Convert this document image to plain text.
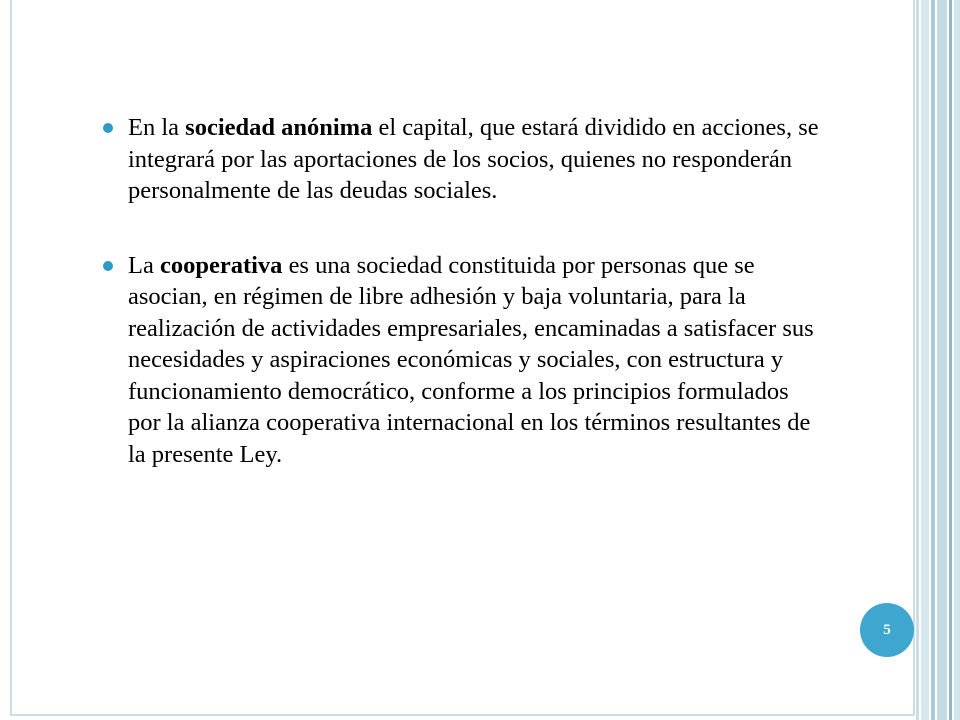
En la sociedad anónima el capital, que estará dividido en acciones, se integrará por las aportaciones de los socios, quienes no responderán personalmente de las deudas sociales.
La cooperativa es una sociedad constituida por personas que se asocian, en régimen de libre adhesión y baja voluntaria, para la realización de actividades empresariales, encaminadas a satisfacer sus necesidades y aspiraciones económicas y sociales, con estructura y funcionamiento democrático, conforme a los principios formulados por la alianza cooperativa internacional en los términos resultantes de la presente Ley.
5
